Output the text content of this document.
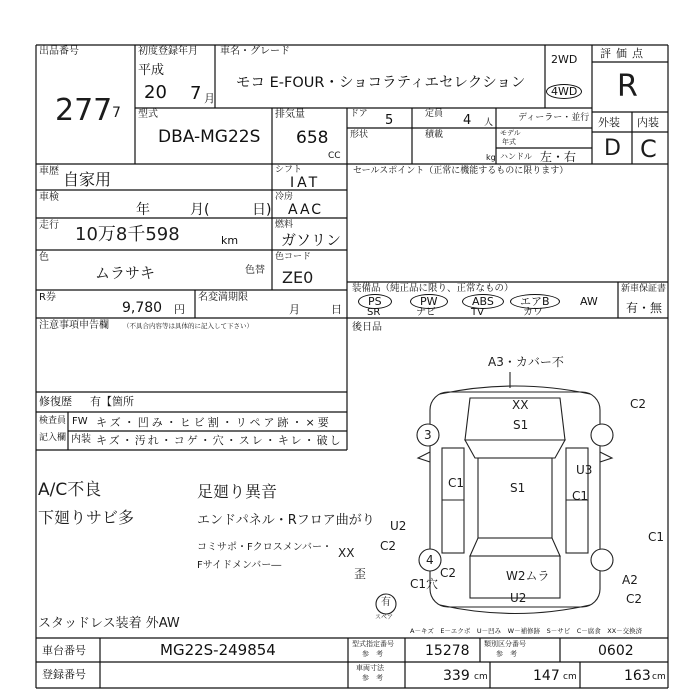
出品番号
277 7
初度登録年月
平成
20 7 月
車名・グレード
モコ E-FOUR・ショコラティエセレクション
2WD
4WD
評価点
R
外装 内装
D C
型式
DBA-MG22S
排気量
658
CC
ドア 5	定員 4 人
形状	積載
kg
ディーラー・並行
モデル
年式
ハンドル 左・右
車歴 自家用	シフト
IAT
車検
年	月(	日)
冷房
AAC
走行 10万8千598	km
燃料
ガソリン
色
ムラサキ	色替
色コード
ZE0
R券
9,780 円
名変満期限
月	日
セールスポイント（正常に機能するものに限ります）
装備品（純正品に限り、正常なもの）
PS	PW	ABS	エアB	AW
SR	ナビ	TV	カワ
新車保証書
有・無
注意事項申告欄 （不具合内容等は具体的に記入して下さい）	後日品
修復歴 有【箇所
検査員
記入欄
FW キズ・凹み・ヒビ割・リペア跡・×要
内装 キズ・汚れ・コゲ・穴・スレ・キレ・破し
A/C不良
下廻りサビ多
足廻り異音
エンドパネル・Rフロア曲がり
コミサポ・Fクロスメンバー・
Fサイドメンバー―
XX
歪
スタッドレス装着 外AW
A3・カバー不
XX
S1
C2
3
C1	S1
U3
C1
C1
U2
C2
4
C2
C1穴
W2ムラ
U2
A2
C2
有
スペア
A－キズ　E－エクボ　U－凹み　W－補修跡　S－サビ　C－腐食　XX－交換済
車台番号	MG22S-249854
登録番号
型式指定番号
参　考	15278 類別区分番号
参　考	0602
車両寸法
参　考	339 cm	147 cm	163 cm
